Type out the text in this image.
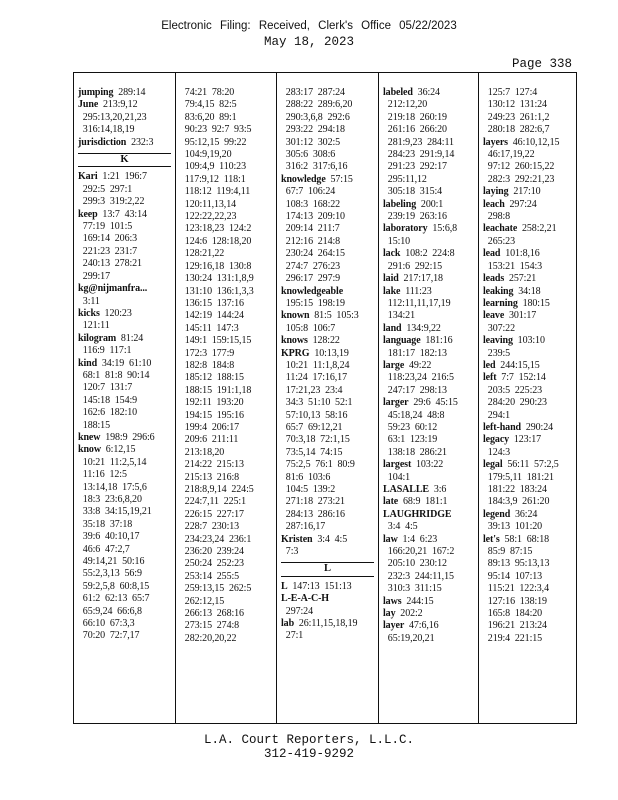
Electronic Filing: Received, Clerk's Office 05/22/2023
May 18, 2023
Page 338
jumping 289:14
June 213:9,12
295:13,20,21,23
316:14,18,19
jurisdiction 232:3
K
Kari 1:21  196:7
292:5  297:1
299:3  319:2,22
keep 13:7  43:14
77:19  101:5
169:14  206:3
221:23  231:7
240:13  278:21
299:17
kg@nijmanfra...
3:11
kicks 120:23
121:11
kilogram 81:24
116:9  117:1
kind 34:19  61:10
68:1  81:8  90:14
120:7  131:7
145:18  154:9
162:6  182:10
188:15
knew 198:9  296:6
know 6:12,15
10:21  11:2,5,14
11:16  12:5
13:14,18  17:5,6
18:3  23:6,8,20
33:8  34:15,19,21
35:18  37:18
39:6  40:10,17
46:6  47:2,7
49:14,21  50:16
55:2,3,13  56:9
59:2,5,8  60:8,15
61:2  62:13  65:7
65:9,24  66:6,8
66:10  67:3,3
70:20  72:7,17
74:21  78:20
79:4,15  82:5
83:6,20  89:1
90:23  92:7  93:5
95:12,15  99:22
104:9,19,20
109:4,9  110:23
117:9,12  118:1
118:12  119:4,11
120:11,13,14
122:22,22,23
123:18,23  124:2
124:6  128:18,20
128:21,22
129:16,18  130:8
130:24  131:1,8,9
131:10  136:1,3,3
136:15  137:16
142:19  144:24
145:11  147:3
149:1  159:15,15
172:3  177:9
182:8  184:8
185:12  188:15
188:15  191:1,18
192:11  193:20
194:15  195:16
199:4  206:17
209:6  211:11
213:18,20
214:22  215:13
215:13  216:8
218:8,9,14  224:5
224:7,11  225:1
226:15  227:17
228:7  230:13
234:23,24  236:1
236:20  239:24
250:24  252:23
253:14  255:5
259:13,15  262:5
262:12,15
266:13  268:16
273:15  274:8
282:20,20,22
283:17  287:24
288:22  289:6,20
290:3,6,8  292:6
293:22  294:18
301:12  302:5
305:6  308:6
316:2  317:6,16
knowledge 57:15
67:7  106:24
108:3  168:22
174:13  209:10
209:14  211:7
212:16  214:8
230:24  264:15
274:7  276:23
296:17  297:9
knowledgeable
195:15  198:19
known 81:5  105:3
105:8  106:7
knows 128:22
KPRG 10:13,19
10:21  11:1,8,24
11:24  17:16,17
17:21,23  23:4
34:3  51:10  52:1
57:10,13  58:16
65:7  69:12,21
70:3,18  72:1,15
73:5,14  74:15
75:2,5  76:1  80:9
81:6  103:6
104:5  139:2
271:18  273:21
284:13  286:16
287:16,17
Kristen 3:4  4:5
7:3
L
L 147:13  151:13
L-E-A-C-H
297:24
lab 26:11,15,18,19
27:1
labeled 36:24
212:12,20
219:18  260:19
261:16  266:20
281:9,23  284:11
284:23  291:9,14
291:23  292:17
295:11,12
305:18  315:4
labeling 200:1
239:19  263:16
laboratory 15:6,8
15:10
lack 108:2  224:8
291:6  292:15
laid 217:17,18
lake 111:23
112:11,11,17,19
134:21
land 134:9,22
language 181:16
181:17  182:13
large 49:22
118:23,24  216:5
247:17  298:13
larger 29:6  45:15
45:18,24  48:8
59:23  60:12
63:1  123:19
138:18  286:21
largest 103:22
104:1
LASALLE 3:6
late 68:9  181:1
LAUGHRIDGE
3:4  4:5
law 1:4  6:23
166:20,21  167:2
205:10  230:12
232:3  244:11,15
310:3  311:15
laws 244:15
lay 202:2
layer 47:6,16
65:19,20,21
125:7  127:4
130:12  131:24
249:23  261:1,2
280:18  282:6,7
layers 46:10,12,15
46:17,19,22
97:12  260:15,22
282:3  292:21,23
laying 217:10
leach 297:24
298:8
leachate 258:2,21
265:23
lead 101:8,16
153:21  154:3
leads 257:21
leaking 34:18
learning 180:15
leave 301:17
307:22
leaving 103:10
239:5
led 244:15,15
left 7:7  152:14
203:5  225:23
284:20  290:23
294:1
left-hand 290:24
legacy 123:17
124:3
legal 56:11  57:2,5
179:5,11  181:21
181:22  183:24
184:3,9  261:20
legend 36:24
39:13  101:20
let's 58:1  68:18
85:9  87:15
89:13  95:13,13
95:14  107:13
115:21  122:3,4
127:16  138:19
165:8  184:20
196:21  213:24
219:4  221:15
L.A. Court Reporters, L.L.C.
312-419-9292
